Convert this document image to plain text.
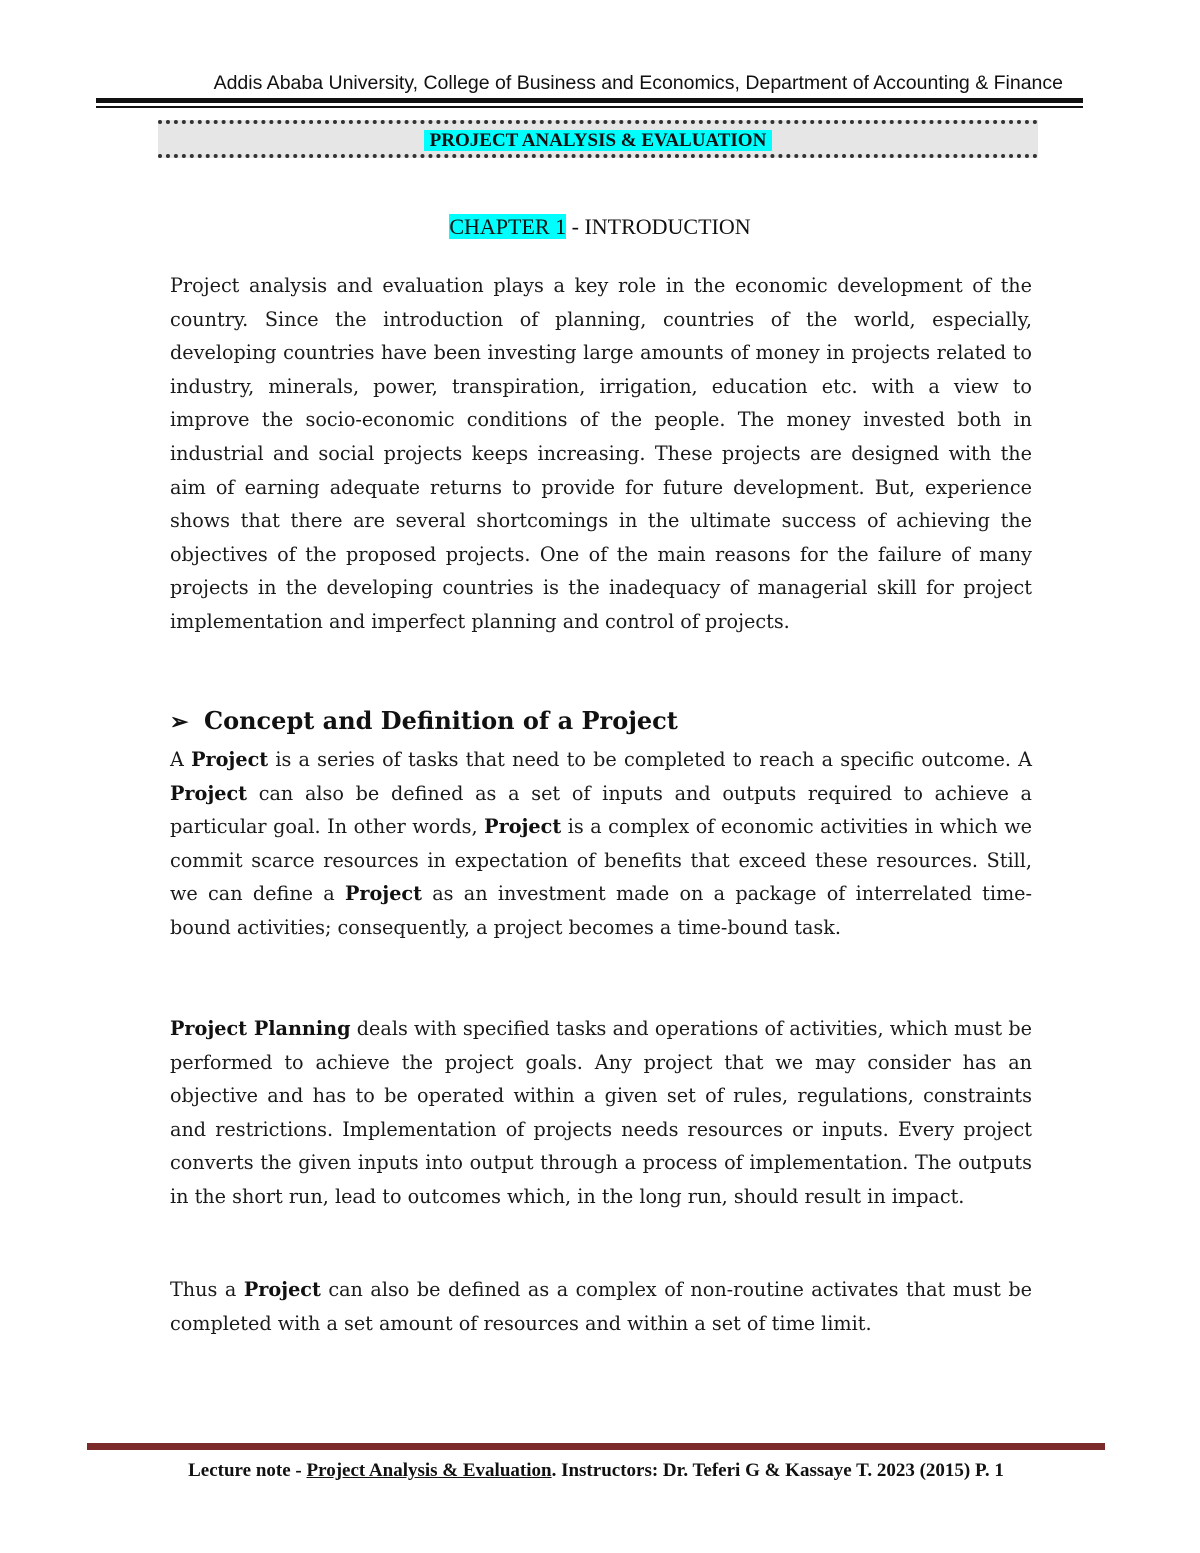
Addis Ababa University, College of Business and Economics, Department of Accounting & Finance
PROJECT ANALYSIS & EVALUATION
CHAPTER 1 - INTRODUCTION

Project analysis and evaluation plays a key role in the economic development of the country. Since the introduction of planning, countries of the world, especially, developing countries have been investing large amounts of money in projects related to industry, minerals, power, transpiration, irrigation, education etc. with a view to improve the socio-economic conditions of the people. The money invested both in industrial and social projects keeps increasing. These projects are designed with the aim of earning adequate returns to provide for future development. But, experience shows that there are several shortcomings in the ultimate success of achieving the objectives of the proposed projects. One of the main reasons for the failure of many projects in the developing countries is the inadequacy of managerial skill for project implementation and imperfect planning and control of projects.

➢ Concept and Definition of a Project

A Project is a series of tasks that need to be completed to reach a specific outcome. A Project can also be defined as a set of inputs and outputs required to achieve a particular goal. In other words, Project is a complex of economic activities in which we commit scarce resources in expectation of benefits that exceed these resources. Still, we can define a Project as an investment made on a package of interrelated time-bound activities; consequently, a project becomes a time-bound task.

Project Planning deals with specified tasks and operations of activities, which must be performed to achieve the project goals. Any project that we may consider has an objective and has to be operated within a given set of rules, regulations, constraints and restrictions. Implementation of projects needs resources or inputs. Every project converts the given inputs into output through a process of implementation. The outputs in the short run, lead to outcomes which, in the long run, should result in impact.

Thus a Project can also be defined as a complex of non-routine activates that must be completed with a set amount of resources and within a set of time limit.

Lecture note - Project Analysis & Evaluation. Instructors: Dr. Teferi G & Kassaye T. 2023 (2015) P. 1
